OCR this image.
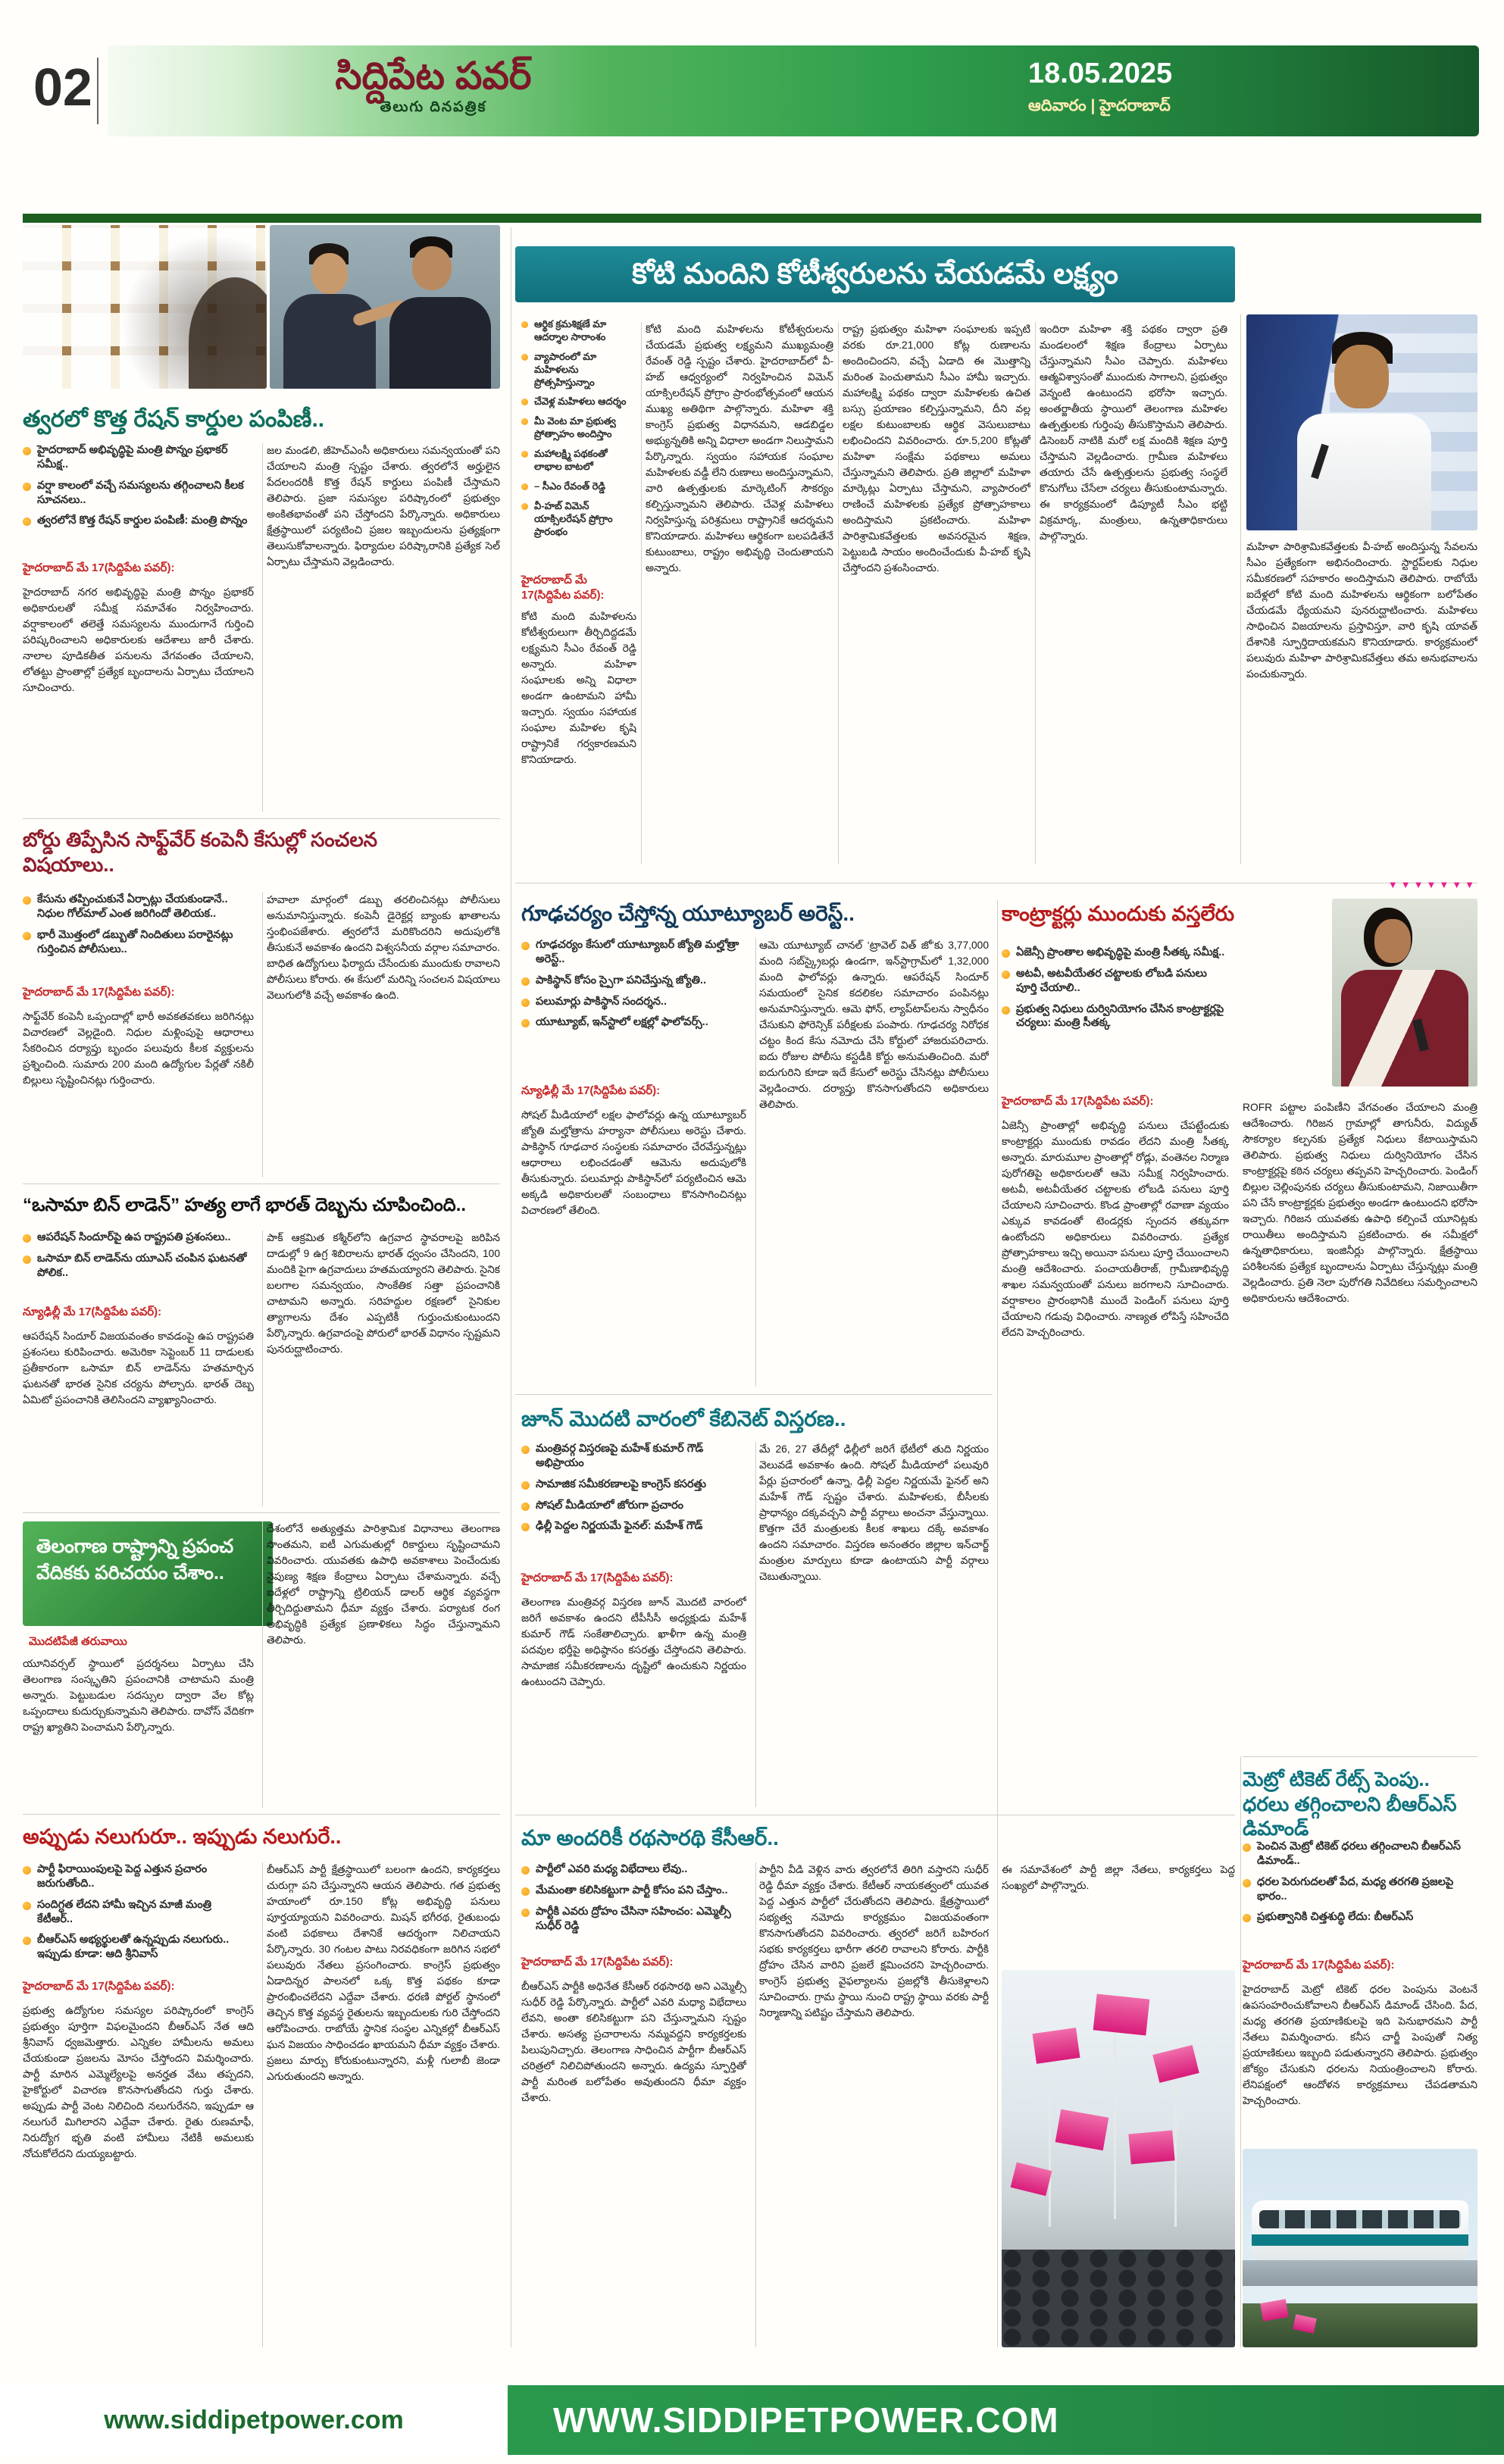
02	సిద్దిపేట పవర్
తెలుగు దినపత్రిక
18.05.2025
ఆదివారం | హైదరాబాద్
త్వరలో కొత్త రేషన్ కార్డుల పంపిణీ..
హైదరాబాద్ అభివృద్ధిపై మంత్రి పొన్నం ప్రభాకర్ సమీక్ష..
వర్షా కాలంలో వచ్చే సమస్యలను తగ్గించాలని కీలక సూచనలు..
త్వరలోనే కొత్త రేషన్ కార్డుల పంపిణీ: మంత్రి పొన్నం
హైదరాబాద్ మే 17(సిద్దిపేట పవర్):
హైదరాబాద్ నగర అభివృద్ధిపై మంత్రి పొన్నం ప్రభాకర్ అధికారులతో సమీక్ష సమావేశం నిర్వహించారు. వర్షాకాలంలో తలెత్తే సమస్యలను ముందుగానే గుర్తించి పరిష్కరించాలని అధికారులకు ఆదేశాలు జారీ చేశారు. నాలాల పూడికతీత పనులను వేగవంతం చేయాలని, లోతట్టు ప్రాంతాల్లో ప్రత్యేక బృందాలను ఏర్పాటు చేయాలని సూచించారు.
జల మండలి, జీహెచ్ఎంసీ అధికారులు సమన్వయంతో పని చేయాలని మంత్రి స్పష్టం చేశారు. త్వరలోనే అర్హులైన పేదలందరికీ కొత్త రేషన్ కార్డులు పంపిణీ చేస్తామని తెలిపారు. ప్రజా సమస్యల పరిష్కారంలో ప్రభుత్వం అంకితభావంతో పని చేస్తోందని పేర్కొన్నారు. అధికారులు క్షేత్రస్థాయిలో పర్యటించి ప్రజల ఇబ్బందులను ప్రత్యక్షంగా తెలుసుకోవాలన్నారు. ఫిర్యాదుల పరిష్కారానికి ప్రత్యేక సెల్ ఏర్పాటు చేస్తామని వెల్లడించారు.
బోర్డు తిప్పేసిన సాఫ్ట్‌వేర్ కంపెనీ కేసుల్లో సంచలన విషయాలు..
కేసును తప్పించుకునే ఏర్పాట్లు చేయకుండానే.. నిధుల గోల్‌మాల్ ఎంత జరిగిందో తెలియక..
భారీ మొత్తంలో డబ్బుతో నిందితులు పరారైనట్లు గుర్తించిన పోలీసులు..
హైదరాబాద్ మే 17(సిద్దిపేట పవర్):
సాఫ్ట్‌వేర్ కంపెనీ ఒప్పందాల్లో భారీ అవకతవకలు జరిగినట్లు విచారణలో వెల్లడైంది. నిధుల మళ్లింపుపై ఆధారాలు సేకరించిన దర్యాప్తు బృందం పలువురు కీలక వ్యక్తులను ప్రశ్నించింది. సుమారు 200 మంది ఉద్యోగుల పేర్లతో నకిలీ బిల్లులు సృష్టించినట్లు గుర్తించారు.
హవాలా మార్గంలో డబ్బు తరలించినట్లు పోలీసులు అనుమానిస్తున్నారు. కంపెనీ డైరెక్టర్ల బ్యాంకు ఖాతాలను స్తంభింపజేశారు. త్వరలోనే మరికొందరిని అదుపులోకి తీసుకునే అవకాశం ఉందని విశ్వసనీయ వర్గాల సమాచారం. బాధిత ఉద్యోగులు ఫిర్యాదు చేసేందుకు ముందుకు రావాలని పోలీసులు కోరారు. ఈ కేసులో మరిన్ని సంచలన విషయాలు వెలుగులోకి వచ్చే అవకాశం ఉంది.
“ఒసామా బిన్ లాడెన్” హత్య లాగే భారత్ దెబ్బను చూపించింది..
ఆపరేషన్ సిందూర్‌పై ఉప రాష్ట్రపతి ప్రశంసలు..
ఒసామా బిన్ లాడెన్‌ను యూఎస్ చంపిన ఘటనతో పోలిక..
న్యూఢిల్లీ మే 17(సిద్దిపేట పవర్):
ఆపరేషన్ సిందూర్ విజయవంతం కావడంపై ఉప రాష్ట్రపతి ప్రశంసలు కురిపించారు. అమెరికా సెప్టెంబర్ 11 దాడులకు ప్రతీకారంగా ఒసామా బిన్ లాడెన్‌ను హతమార్చిన ఘటనతో భారత సైనిక చర్యను పోల్చారు. భారత్ దెబ్బ ఏమిటో ప్రపంచానికి తెలిసిందని వ్యాఖ్యానించారు.
పాక్ ఆక్రమిత కశ్మీర్‌లోని ఉగ్రవాద స్థావరాలపై జరిపిన దాడుల్లో 9 ఉగ్ర శిబిరాలను భారత్ ధ్వంసం చేసిందని, 100 మందికి పైగా ఉగ్రవాదులు హతమయ్యారని తెలిపారు. సైనిక బలగాల సమన్వయం, సాంకేతిక సత్తా ప్రపంచానికి చాటామని అన్నారు. సరిహద్దుల రక్షణలో సైనికుల త్యాగాలను దేశం ఎప్పటికీ గుర్తుంచుకుంటుందని పేర్కొన్నారు. ఉగ్రవాదంపై పోరులో భారత్ విధానం స్పష్టమని పునరుద్ఘాటించారు.
తెలంగాణ రాష్ట్రాన్ని ప్రపంచ వేదికకు పరిచయం చేశాం..
మొదటిపేజీ తరువాయి
యూనివర్సల్ స్థాయిలో ప్రదర్శనలు ఏర్పాటు చేసి తెలంగాణ సంస్కృతిని ప్రపంచానికి చాటామని మంత్రి అన్నారు. పెట్టుబడుల సదస్సుల ద్వారా వేల కోట్ల ఒప్పందాలు కుదుర్చుకున్నామని తెలిపారు. దావోస్ వేదికగా రాష్ట్ర ఖ్యాతిని పెంచామని పేర్కొన్నారు.
దేశంలోనే అత్యుత్తమ పారిశ్రామిక విధానాలు తెలంగాణ సొంతమని, ఐటీ ఎగుమతుల్లో రికార్డులు సృష్టించామని వివరించారు. యువతకు ఉపాధి అవకాశాలు పెంచేందుకు నైపుణ్య శిక్షణ కేంద్రాలు ఏర్పాటు చేశామన్నారు. వచ్చే ఐదేళ్లలో రాష్ట్రాన్ని ట్రిలియన్ డాలర్ ఆర్థిక వ్యవస్థగా తీర్చిదిద్దుతామని ధీమా వ్యక్తం చేశారు. పర్యాటక రంగ అభివృద్ధికి ప్రత్యేక ప్రణాళికలు సిద్ధం చేస్తున్నామని తెలిపారు.
అప్పుడు నలుగురూ.. ఇప్పుడు నలుగురే..
పార్టీ ఫిరాయింపులపై పెద్ద ఎత్తున ప్రచారం జరుగుతోంది..
సందిగ్ధత లేదని హామీ ఇచ్చిన మాజీ మంత్రి కేటీఆర్..
బీఆర్ఎస్ అభ్యర్థులతో ఉన్నప్పుడు నలుగురు.. ఇప్పుడు కూడా: ఆది శ్రీనివాస్
హైదరాబాద్ మే 17(సిద్దిపేట పవర్):
ప్రభుత్వ ఉద్యోగుల సమస్యల పరిష్కారంలో కాంగ్రెస్ ప్రభుత్వం పూర్తిగా విఫలమైందని బీఆర్ఎస్ నేత ఆది శ్రీనివాస్ ధ్వజమెత్తారు. ఎన్నికల హామీలను అమలు చేయకుండా ప్రజలను మోసం చేస్తోందని విమర్శించారు. పార్టీ మారిన ఎమ్మెల్యేలపై అనర్హత వేటు తప్పదని, హైకోర్టులో విచారణ కొనసాగుతోందని గుర్తు చేశారు. అప్పుడు పార్టీ వెంట నిలిచింది నలుగురేనని, ఇప్పుడూ ఆ నలుగురే మిగిలారని ఎద్దేవా చేశారు. రైతు రుణమాఫీ, నిరుద్యోగ భృతి వంటి హామీలు నేటికీ అమలుకు నోచుకోలేదని దుయ్యబట్టారు.
బీఆర్ఎస్ పార్టీ క్షేత్రస్థాయిలో బలంగా ఉందని, కార్యకర్తలు చురుగ్గా పని చేస్తున్నారని ఆయన తెలిపారు. గత ప్రభుత్వ హయాంలో రూ.150 కోట్ల అభివృద్ధి పనులు పూర్తయ్యాయని వివరించారు. మిషన్ భగీరథ, రైతుబంధు వంటి పథకాలు దేశానికే ఆదర్శంగా నిలిచాయని పేర్కొన్నారు. 30 గంటల పాటు నిరవధికంగా జరిగిన సభలో పలువురు నేతలు ప్రసంగించారు. కాంగ్రెస్ ప్రభుత్వం ఏడాదిన్నర పాలనలో ఒక్క కొత్త పథకం కూడా ప్రారంభించలేదని ఎద్దేవా చేశారు. ధరణి పోర్టల్ స్థానంలో తెచ్చిన కొత్త వ్యవస్థ రైతులను ఇబ్బందులకు గురి చేస్తోందని ఆరోపించారు. రాబోయే స్థానిక సంస్థల ఎన్నికల్లో బీఆర్ఎస్ ఘన విజయం సాధించడం ఖాయమని ధీమా వ్యక్తం చేశారు. ప్రజలు మార్పు కోరుకుంటున్నారని, మళ్లీ గులాబీ జెండా ఎగురుతుందని అన్నారు.
కోటి మందిని కోటీశ్వరులను చేయడమే లక్ష్యం
ఆర్థిక క్రమశిక్షణే మా ఆదర్శాల సారాంశం
వ్యాపారంలో మా మహిళలను ప్రోత్సహిస్తున్నాం
చేవెళ్ల మహిళలు ఆదర్శం
మీ వెంట మా ప్రభుత్వ ప్రోత్సాహం అందిస్తాం
మహాలక్ష్మి పథకంతో లాభాల బాటలో
– సీఎం రేవంత్ రెడ్డి
వీ-హబ్ విమెన్ యాక్సిలరేషన్ ప్రోగ్రాం ప్రారంభం
హైదరాబాద్ మే 17(సిద్దిపేట పవర్):
కోటి మంది మహిళలను కోటీశ్వరులుగా తీర్చిదిద్దడమే లక్ష్యమని సీఎం రేవంత్ రెడ్డి అన్నారు. మహిళా సంఘాలకు అన్ని విధాలా అండగా ఉంటామని హామీ ఇచ్చారు. స్వయం సహాయక సంఘాల మహిళల కృషి రాష్ట్రానికే గర్వకారణమని కొనియాడారు.
కోటి మంది మహిళలను కోటీశ్వరులను చేయడమే ప్రభుత్వ లక్ష్యమని ముఖ్యమంత్రి రేవంత్ రెడ్డి స్పష్టం చేశారు. హైదరాబాద్‌లో వీ-హబ్ ఆధ్వర్యంలో నిర్వహించిన విమెన్ యాక్సిలరేషన్ ప్రోగ్రాం ప్రారంభోత్సవంలో ఆయన ముఖ్య అతిథిగా పాల్గొన్నారు. మహిళా శక్తి కాంగ్రెస్ ప్రభుత్వ విధానమని, ఆడబిడ్డల అభ్యున్నతికి అన్ని విధాలా అండగా నిలుస్తామని పేర్కొన్నారు. స్వయం సహాయక సంఘాల మహిళలకు వడ్డీ లేని రుణాలు అందిస్తున్నామని, వారి ఉత్పత్తులకు మార్కెటింగ్ సౌకర్యం కల్పిస్తున్నామని తెలిపారు. చేవెళ్ల మహిళలు నిర్వహిస్తున్న పరిశ్రమలు రాష్ట్రానికే ఆదర్శమని కొనియాడారు. మహిళలు ఆర్థికంగా బలపడితేనే కుటుంబాలు, రాష్ట్రం అభివృద్ధి చెందుతాయని అన్నారు.
రాష్ట్ర ప్రభుత్వం మహిళా సంఘాలకు ఇప్పటి వరకు రూ.21,000 కోట్ల రుణాలను అందించిందని, వచ్చే ఏడాది ఈ మొత్తాన్ని మరింత పెంచుతామని సీఎం హామీ ఇచ్చారు. మహాలక్ష్మి పథకం ద్వారా మహిళలకు ఉచిత బస్సు ప్రయాణం కల్పిస్తున్నామని, దీని వల్ల లక్షల కుటుంబాలకు ఆర్థిక వెసులుబాటు లభించిందని వివరించారు. రూ.5,200 కోట్లతో మహిళా సంక్షేమ పథకాలు అమలు చేస్తున్నామని తెలిపారు. ప్రతి జిల్లాలో మహిళా మార్కెట్లు ఏర్పాటు చేస్తామని, వ్యాపారంలో రాణించే మహిళలకు ప్రత్యేక ప్రోత్సాహకాలు అందిస్తామని ప్రకటించారు. మహిళా పారిశ్రామికవేత్తలకు అవసరమైన శిక్షణ, పెట్టుబడి సాయం అందించేందుకు వీ-హబ్ కృషి చేస్తోందని ప్రశంసించారు.
ఇందిరా మహిళా శక్తి పథకం ద్వారా ప్రతి మండలంలో శిక్షణ కేంద్రాలు ఏర్పాటు చేస్తున్నామని సీఎం చెప్పారు. మహిళలు ఆత్మవిశ్వాసంతో ముందుకు సాగాలని, ప్రభుత్వం వెన్నంటి ఉంటుందని భరోసా ఇచ్చారు. అంతర్జాతీయ స్థాయిలో తెలంగాణ మహిళల ఉత్పత్తులకు గుర్తింపు తీసుకొస్తామని తెలిపారు. డిసెంబర్ నాటికి మరో లక్ష మందికి శిక్షణ పూర్తి చేస్తామని వెల్లడించారు. గ్రామీణ మహిళలు తయారు చేసే ఉత్పత్తులను ప్రభుత్వ సంస్థలే కొనుగోలు చేసేలా చర్యలు తీసుకుంటామన్నారు. ఈ కార్యక్రమంలో డిప్యూటీ సీఎం భట్టి విక్రమార్క, మంత్రులు, ఉన్నతాధికారులు పాల్గొన్నారు.
మహిళా పారిశ్రామికవేత్తలకు వీ-హబ్ అందిస్తున్న సేవలను సీఎం ప్రత్యేకంగా అభినందించారు. స్టార్టప్‌లకు నిధుల సమీకరణలో సహకారం అందిస్తామని తెలిపారు. రాబోయే ఐదేళ్లలో కోటి మంది మహిళలను ఆర్థికంగా బలోపేతం చేయడమే ధ్యేయమని పునరుద్ఘాటించారు. మహిళలు సాధించిన విజయాలను ప్రస్తావిస్తూ, వారి కృషి యావత్ దేశానికి స్ఫూర్తిదాయకమని కొనియాడారు. కార్యక్రమంలో పలువురు మహిళా పారిశ్రామికవేత్తలు తమ అనుభవాలను పంచుకున్నారు.
గూఢచర్యం చేస్తోన్న యూట్యూబర్ అరెస్ట్..
గూఢచర్యం కేసులో యూట్యూబర్ జ్యోతి మల్హోత్రా అరెస్ట్..
పాకిస్థాన్ కోసం స్పైగా పనిచేస్తున్న జ్యోతి..
పలుమార్లు పాకిస్థాన్ సందర్శన..
యూట్యూబ్, ఇన్‌స్టాలో లక్షల్లో ఫాలోవర్స్..
న్యూఢిల్లీ మే 17(సిద్దిపేట పవర్):
సోషల్ మీడియాలో లక్షల ఫాలోవర్లు ఉన్న యూట్యూబర్ జ్యోతి మల్హోత్రాను హర్యానా పోలీసులు అరెస్టు చేశారు. పాకిస్థాన్ గూఢచార సంస్థలకు సమాచారం చేరవేస్తున్నట్లు ఆధారాలు లభించడంతో ఆమెను అదుపులోకి తీసుకున్నారు. పలుమార్లు పాకిస్థాన్‌లో పర్యటించిన ఆమె అక్కడి అధికారులతో సంబంధాలు కొనసాగించినట్లు విచారణలో తేలింది.
ఆమె యూట్యూబ్ చానల్ ‘ట్రావెల్ విత్ జో’కు 3,77,000 మంది సబ్‌స్క్రైబర్లు ఉండగా, ఇన్‌స్టాగ్రామ్‌లో 1,32,000 మంది ఫాలోవర్లు ఉన్నారు. ఆపరేషన్ సిందూర్ సమయంలో సైనిక కదలికల సమాచారం పంపినట్లు అనుమానిస్తున్నారు. ఆమె ఫోన్, ల్యాప్‌టాప్‌లను స్వాధీనం చేసుకుని ఫోరెన్సిక్ పరీక్షలకు పంపారు. గూఢచర్య నిరోధక చట్టం కింద కేసు నమోదు చేసి కోర్టులో హాజరుపరిచారు. ఐదు రోజుల పోలీసు కస్టడీకి కోర్టు అనుమతించింది. మరో ఐదుగురిని కూడా ఇదే కేసులో అరెస్టు చేసినట్లు పోలీసులు వెల్లడించారు. దర్యాప్తు కొనసాగుతోందని అధికారులు తెలిపారు.
జూన్ మొదటి వారంలో కేబినెట్ విస్తరణ..
మంత్రివర్గ విస్తరణపై మహేశ్ కుమార్ గౌడ్ అభిప్రాయం
సామాజిక సమీకరణాలపై కాంగ్రెస్ కసరత్తు
సోషల్ మీడియాలో జోరుగా ప్రచారం
ఢిల్లీ పెద్దల నిర్ణయమే ఫైనల్: మహేశ్ గౌడ్
హైదరాబాద్ మే 17(సిద్దిపేట పవర్):
తెలంగాణ మంత్రివర్గ విస్తరణ జూన్ మొదటి వారంలో జరిగే అవకాశం ఉందని టీపీసీసీ అధ్యక్షుడు మహేశ్ కుమార్ గౌడ్ సంకేతాలిచ్చారు. ఖాళీగా ఉన్న మంత్రి పదవుల భర్తీపై అధిష్ఠానం కసరత్తు చేస్తోందని తెలిపారు. సామాజిక సమీకరణాలను దృష్టిలో ఉంచుకుని నిర్ణయం ఉంటుందని చెప్పారు.
మే 26, 27 తేదీల్లో ఢిల్లీలో జరిగే భేటీలో తుది నిర్ణయం వెలువడే అవకాశం ఉంది. సోషల్ మీడియాలో పలువురి పేర్లు ప్రచారంలో ఉన్నా, ఢిల్లీ పెద్దల నిర్ణయమే ఫైనల్ అని మహేశ్ గౌడ్ స్పష్టం చేశారు. మహిళలకు, బీసీలకు ప్రాధాన్యం దక్కవచ్చని పార్టీ వర్గాలు అంచనా వేస్తున్నాయి. కొత్తగా చేరే మంత్రులకు కీలక శాఖలు దక్కే అవకాశం ఉందని సమాచారం. విస్తరణ అనంతరం జిల్లాల ఇన్‌చార్జ్ మంత్రుల మార్పులు కూడా ఉంటాయని పార్టీ వర్గాలు చెబుతున్నాయి.
మా అందరికీ రథసారథి కేసీఆర్..
పార్టీలో ఎవరి మధ్య విభేదాలు లేవు..
మేమంతా కలిసికట్టుగా పార్టీ కోసం పని చేస్తాం..
పార్టీకి ఎవరు ద్రోహం చేసినా సహించం: ఎమ్మెల్సీ సుధీర్ రెడ్డి
హైదరాబాద్ మే 17(సిద్దిపేట పవర్):
బీఆర్ఎస్ పార్టీకి అధినేత కేసీఆర్ రథసారథి అని ఎమ్మెల్సీ సుధీర్ రెడ్డి పేర్కొన్నారు. పార్టీలో ఎవరి మధ్యా విభేదాలు లేవని, అంతా కలిసికట్టుగా పని చేస్తున్నామని స్పష్టం చేశారు. అసత్య ప్రచారాలను నమ్మవద్దని కార్యకర్తలకు పిలుపునిచ్చారు. తెలంగాణ సాధించిన పార్టీగా బీఆర్ఎస్ చరిత్రలో నిలిచిపోతుందని అన్నారు. ఉద్యమ స్ఫూర్తితో పార్టీ మరింత బలోపేతం అవుతుందని ధీమా వ్యక్తం చేశారు.
పార్టీని వీడి వెళ్లిన వారు త్వరలోనే తిరిగి వస్తారని సుధీర్ రెడ్డి ధీమా వ్యక్తం చేశారు. కేటీఆర్ నాయకత్వంలో యువత పెద్ద ఎత్తున పార్టీలో చేరుతోందని తెలిపారు. క్షేత్రస్థాయిలో సభ్యత్వ నమోదు కార్యక్రమం విజయవంతంగా కొనసాగుతోందని వివరించారు. త్వరలో జరిగే బహిరంగ సభకు కార్యకర్తలు భారీగా తరలి రావాలని కోరారు. పార్టీకి ద్రోహం చేసిన వారిని ప్రజలే క్షమించరని హెచ్చరించారు. కాంగ్రెస్ ప్రభుత్వ వైఫల్యాలను ప్రజల్లోకి తీసుకెళ్లాలని సూచించారు. గ్రామ స్థాయి నుంచి రాష్ట్ర స్థాయి వరకు పార్టీ నిర్మాణాన్ని పటిష్టం చేస్తామని తెలిపారు.
ఈ సమావేశంలో పార్టీ జిల్లా నేతలు, కార్యకర్తలు పెద్ద సంఖ్యలో పాల్గొన్నారు.
కాంట్రాక్టర్లు ముందుకు వస్తలేరు
▼▼▼▼▼▼▼
ఏజెన్సీ ప్రాంతాల అభివృద్ధిపై మంత్రి సీతక్క సమీక్ష..
అటవీ, అటవీయేతర చట్టాలకు లోబడి పనులు పూర్తి చేయాలి..
ప్రభుత్వ నిధులు దుర్వినియోగం చేసిన కాంట్రాక్టర్లపై చర్యలు: మంత్రి సీతక్క
హైదరాబాద్ మే 17(సిద్దిపేట పవర్):
ఏజెన్సీ ప్రాంతాల్లో అభివృద్ధి పనులు చేపట్టేందుకు కాంట్రాక్టర్లు ముందుకు రావడం లేదని మంత్రి సీతక్క అన్నారు. మారుమూల ప్రాంతాల్లో రోడ్లు, వంతెనల నిర్మాణ పురోగతిపై అధికారులతో ఆమె సమీక్ష నిర్వహించారు. అటవీ, అటవీయేతర చట్టాలకు లోబడి పనులు పూర్తి చేయాలని సూచించారు. కొండ ప్రాంతాల్లో రవాణా వ్యయం ఎక్కువ కావడంతో టెండర్లకు స్పందన తక్కువగా ఉంటోందని అధికారులు వివరించారు. ప్రత్యేక ప్రోత్సాహకాలు ఇచ్చి అయినా పనులు పూర్తి చేయించాలని మంత్రి ఆదేశించారు. పంచాయతీరాజ్, గ్రామీణాభివృద్ధి శాఖల సమన్వయంతో పనులు జరగాలని సూచించారు. వర్షాకాలం ప్రారంభానికి ముందే పెండింగ్ పనులు పూర్తి చేయాలని గడువు విధించారు. నాణ్యత లోపిస్తే సహించేది లేదని హెచ్చరించారు.
ROFR పట్టాల పంపిణీని వేగవంతం చేయాలని మంత్రి ఆదేశించారు. గిరిజన గ్రామాల్లో తాగునీరు, విద్యుత్ సౌకర్యాల కల్పనకు ప్రత్యేక నిధులు కేటాయిస్తామని తెలిపారు. ప్రభుత్వ నిధులు దుర్వినియోగం చేసిన కాంట్రాక్టర్లపై కఠిన చర్యలు తప్పవని హెచ్చరించారు. పెండింగ్ బిల్లుల చెల్లింపునకు చర్యలు తీసుకుంటామని, నిజాయితీగా పని చేసే కాంట్రాక్టర్లకు ప్రభుత్వం అండగా ఉంటుందని భరోసా ఇచ్చారు. గిరిజన యువతకు ఉపాధి కల్పించే యూనిట్లకు రాయితీలు అందిస్తామని ప్రకటించారు. ఈ సమీక్షలో ఉన్నతాధికారులు, ఇంజినీర్లు పాల్గొన్నారు. క్షేత్రస్థాయి పరిశీలనకు ప్రత్యేక బృందాలను ఏర్పాటు చేస్తున్నట్లు మంత్రి వెల్లడించారు. ప్రతి నెలా పురోగతి నివేదికలు సమర్పించాలని అధికారులను ఆదేశించారు.
మెట్రో టికెట్ రేట్స్ పెంపు.. ధరలు తగ్గించాలని బీఆర్ఎస్ డిమాండ్
పెంచిన మెట్రో టికెట్ ధరలు తగ్గించాలని బీఆర్ఎస్ డిమాండ్..
ధరల పెరుగుదలతో పేద, మధ్య తరగతి ప్రజలపై భారం..
ప్రభుత్వానికి చిత్తశుద్ధి లేదు: బీఆర్ఎస్
హైదరాబాద్ మే 17(సిద్దిపేట పవర్):
హైదరాబాద్ మెట్రో టికెట్ ధరల పెంపును వెంటనే ఉపసంహరించుకోవాలని బీఆర్ఎస్ డిమాండ్ చేసింది. పేద, మధ్య తరగతి ప్రయాణికులపై ఇది పెనుభారమని పార్టీ నేతలు విమర్శించారు. కనీస చార్జీ పెంపుతో నిత్య ప్రయాణికులు ఇబ్బంది పడుతున్నారని తెలిపారు. ప్రభుత్వం జోక్యం చేసుకుని ధరలను నియంత్రించాలని కోరారు. లేనిపక్షంలో ఆందోళన కార్యక్రమాలు చేపడతామని హెచ్చరించారు.
www.siddipetpower.com	WWW.SIDDIPETPOWER.COM
